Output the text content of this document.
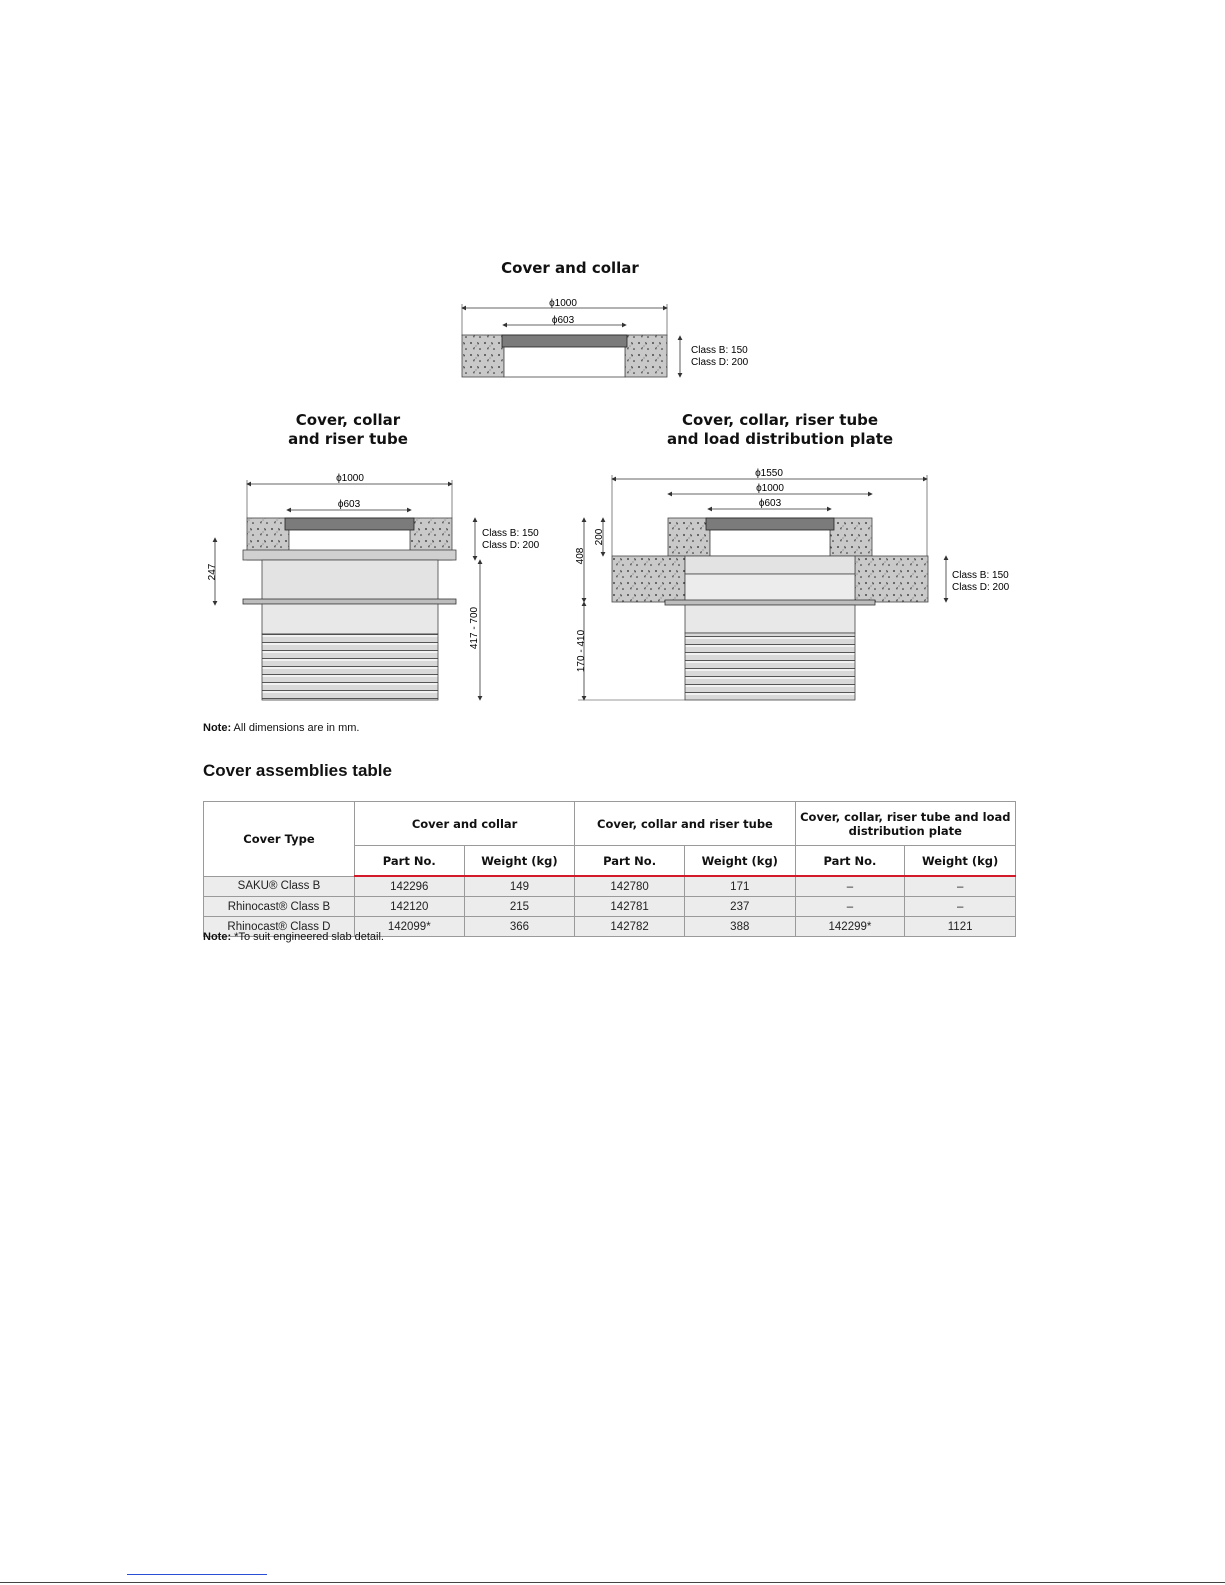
Cover and collar
ϕ1000
ϕ603
Class B: 150
Class D: 200
Cover, collar
and riser tube
ϕ1000
ϕ603
247
Class B: 150
Class D: 200
417 - 700
Cover, collar, riser tube
and load distribution plate
ϕ1550
ϕ1000
ϕ603
408
200
170 - 410
Class B: 150
Class D: 200
Note: All dimensions are in mm.
Cover assemblies table
Cover Type	Cover and collar		Cover, collar and riser tube		Cover, collar, riser tube and load distribution plate	
	Part No.	Weight (kg)	Part No.	Weight (kg)	Part No.	Weight (kg)
SAKU® Class B	142296	149	142780	171	–	–
Rhinocast® Class B	142120	215	142781	237	–	–
Rhinocast® Class D	142099*	366	142782	388	142299*	1121
Note: *To suit engineered slab detail.
